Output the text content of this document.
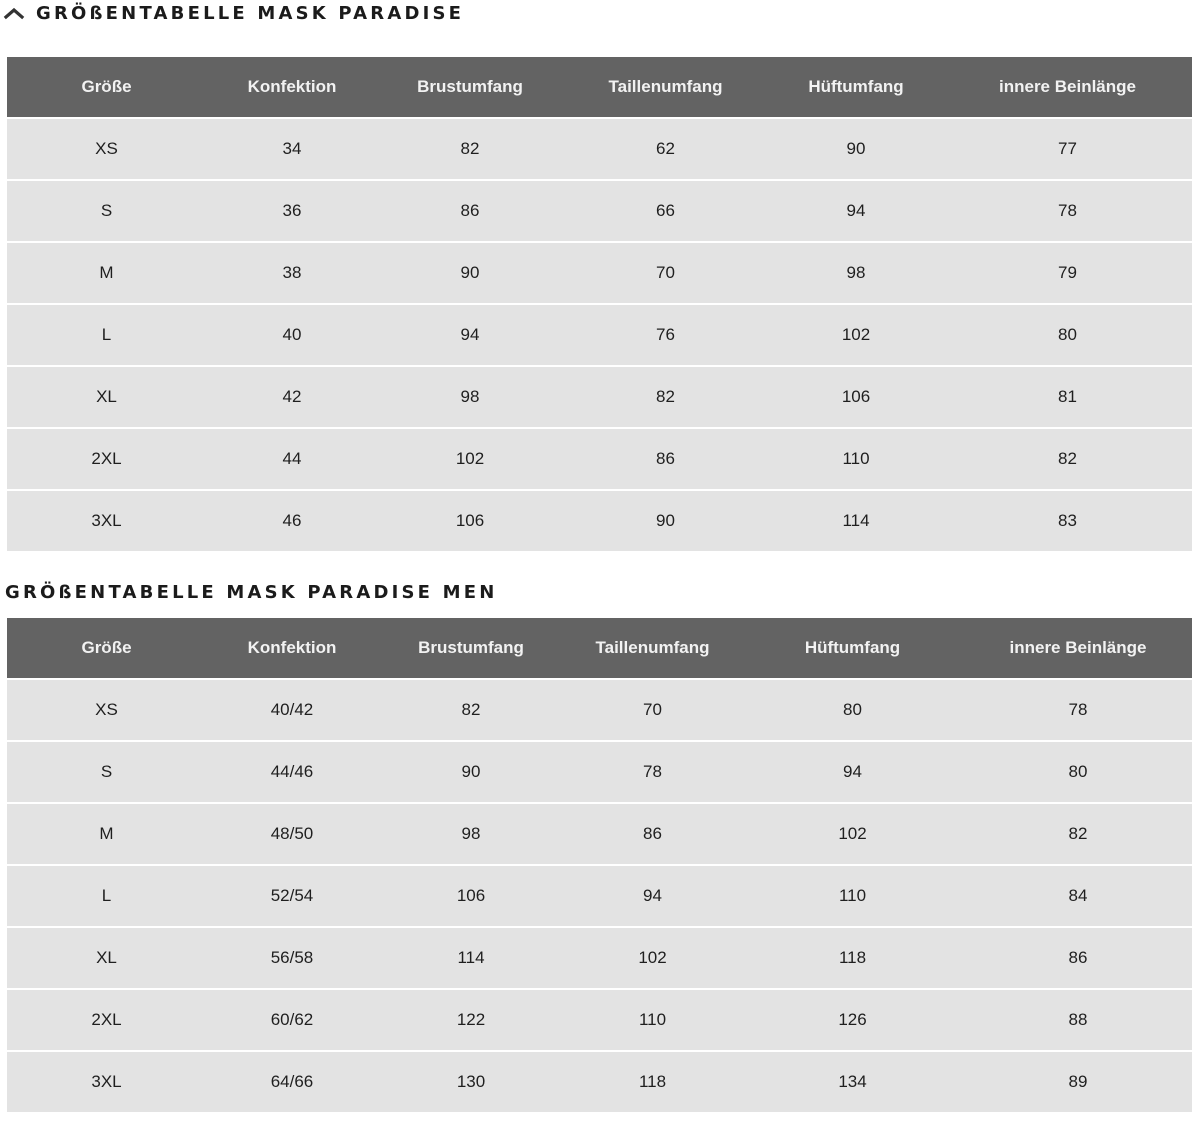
GRÖßENTABELLE MASK PARADISE
Größe	Konfektion	Brustumfang	Taillenumfang	Hüftumfang	innere Beinlänge
XS	34	82	62	90	77
S	36	86	66	94	78
M	38	90	70	98	79
L	40	94	76	102	80
XL	42	98	82	106	81
2XL	44	102	86	110	82
3XL	46	106	90	114	83
GRÖßENTABELLE MASK PARADISE MEN
Größe	Konfektion	Brustumfang	Taillenumfang	Hüftumfang	innere Beinlänge
XS	40/42	82	70	80	78
S	44/46	90	78	94	80
M	48/50	98	86	102	82
L	52/54	106	94	110	84
XL	56/58	114	102	118	86
2XL	60/62	122	110	126	88
3XL	64/66	130	118	134	89
